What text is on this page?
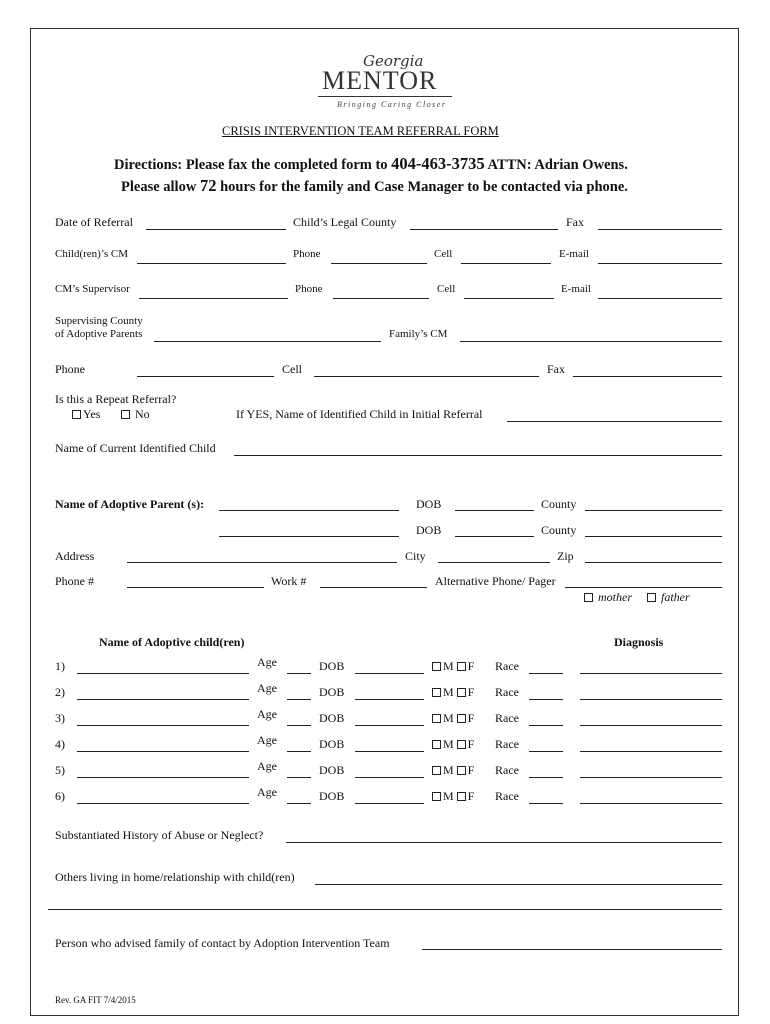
Georgia
MENTOR
Bringing Caring Closer
CRISIS INTERVENTION TEAM REFERRAL FORM
Directions: Please fax the completed form to 404-463-3735 ATTN: Adrian Owens.
Please allow 72 hours for the family and Case Manager to be contacted via phone.
Date of Referral	Child’s Legal County	Fax
Child(ren)’s CM	Phone	Cell	E-mail
CM’s Supervisor	Phone	Cell	E-mail
Supervising County
of Adoptive Parents	Family’s CM
Phone	Cell	Fax
Is this a Repeat Referral?
Yes	No	If YES, Name of Identified Child in Initial Referral
Name of Current Identified Child
Name of Adoptive Parent (s):	DOB	County
DOB	County
Address	City	Zip
Phone #	Work #	Alternative Phone/ Pager
mother	father
Name of Adoptive child(ren)	Diagnosis
1)	Age	DOB	M F Race
2)	Age	DOB	M F Race
3)	Age	DOB	M F Race
4)	Age	DOB	M F Race
5)	Age	DOB	M F Race
6)	Age	DOB	M F Race
Substantiated History of Abuse or Neglect?
Others living in home/relationship with child(ren)
Person who advised family of contact by Adoption Intervention Team
Rev. GA FIT 7/4/2015
